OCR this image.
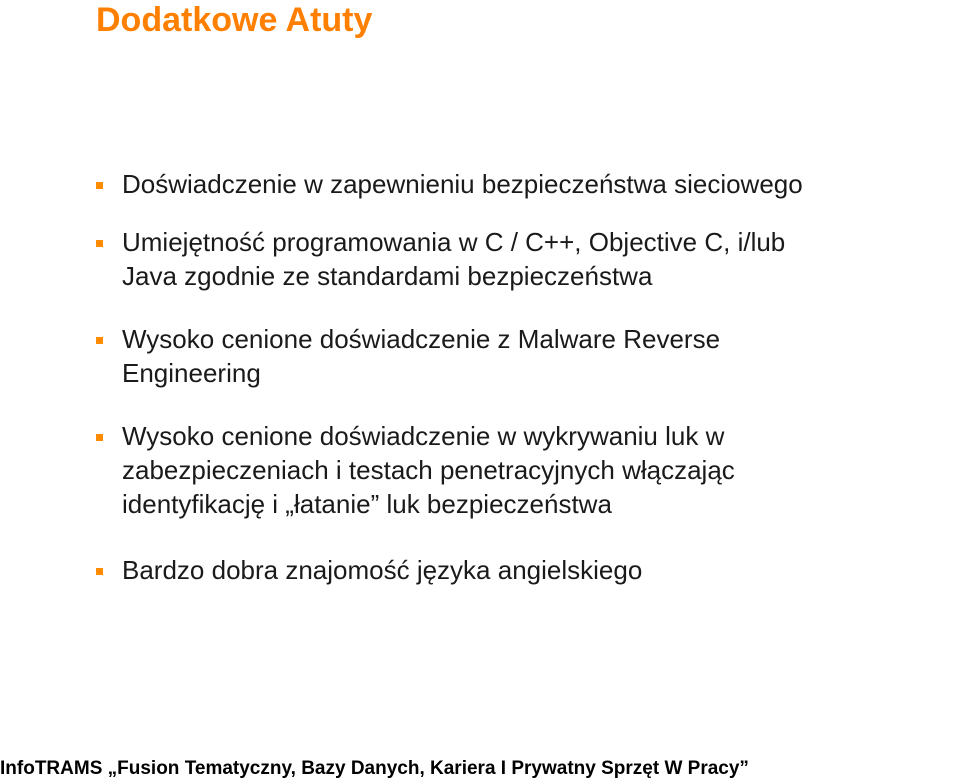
Dodatkowe Atuty
Doświadczenie w zapewnieniu bezpieczeństwa sieciowego
Umiejętność programowania w C / C++, Objective C, i/lub
Java zgodnie ze standardami bezpieczeństwa
Wysoko cenione doświadczenie z Malware Reverse
Engineering
Wysoko cenione doświadczenie w wykrywaniu luk w
zabezpieczeniach i testach penetracyjnych włączając
identyfikację i „łatanie” luk bezpieczeństwa
Bardzo dobra znajomość języka angielskiego
InfoTRAMS „Fusion Tematyczny, Bazy Danych, Kariera I Prywatny Sprzęt W Pracy”
